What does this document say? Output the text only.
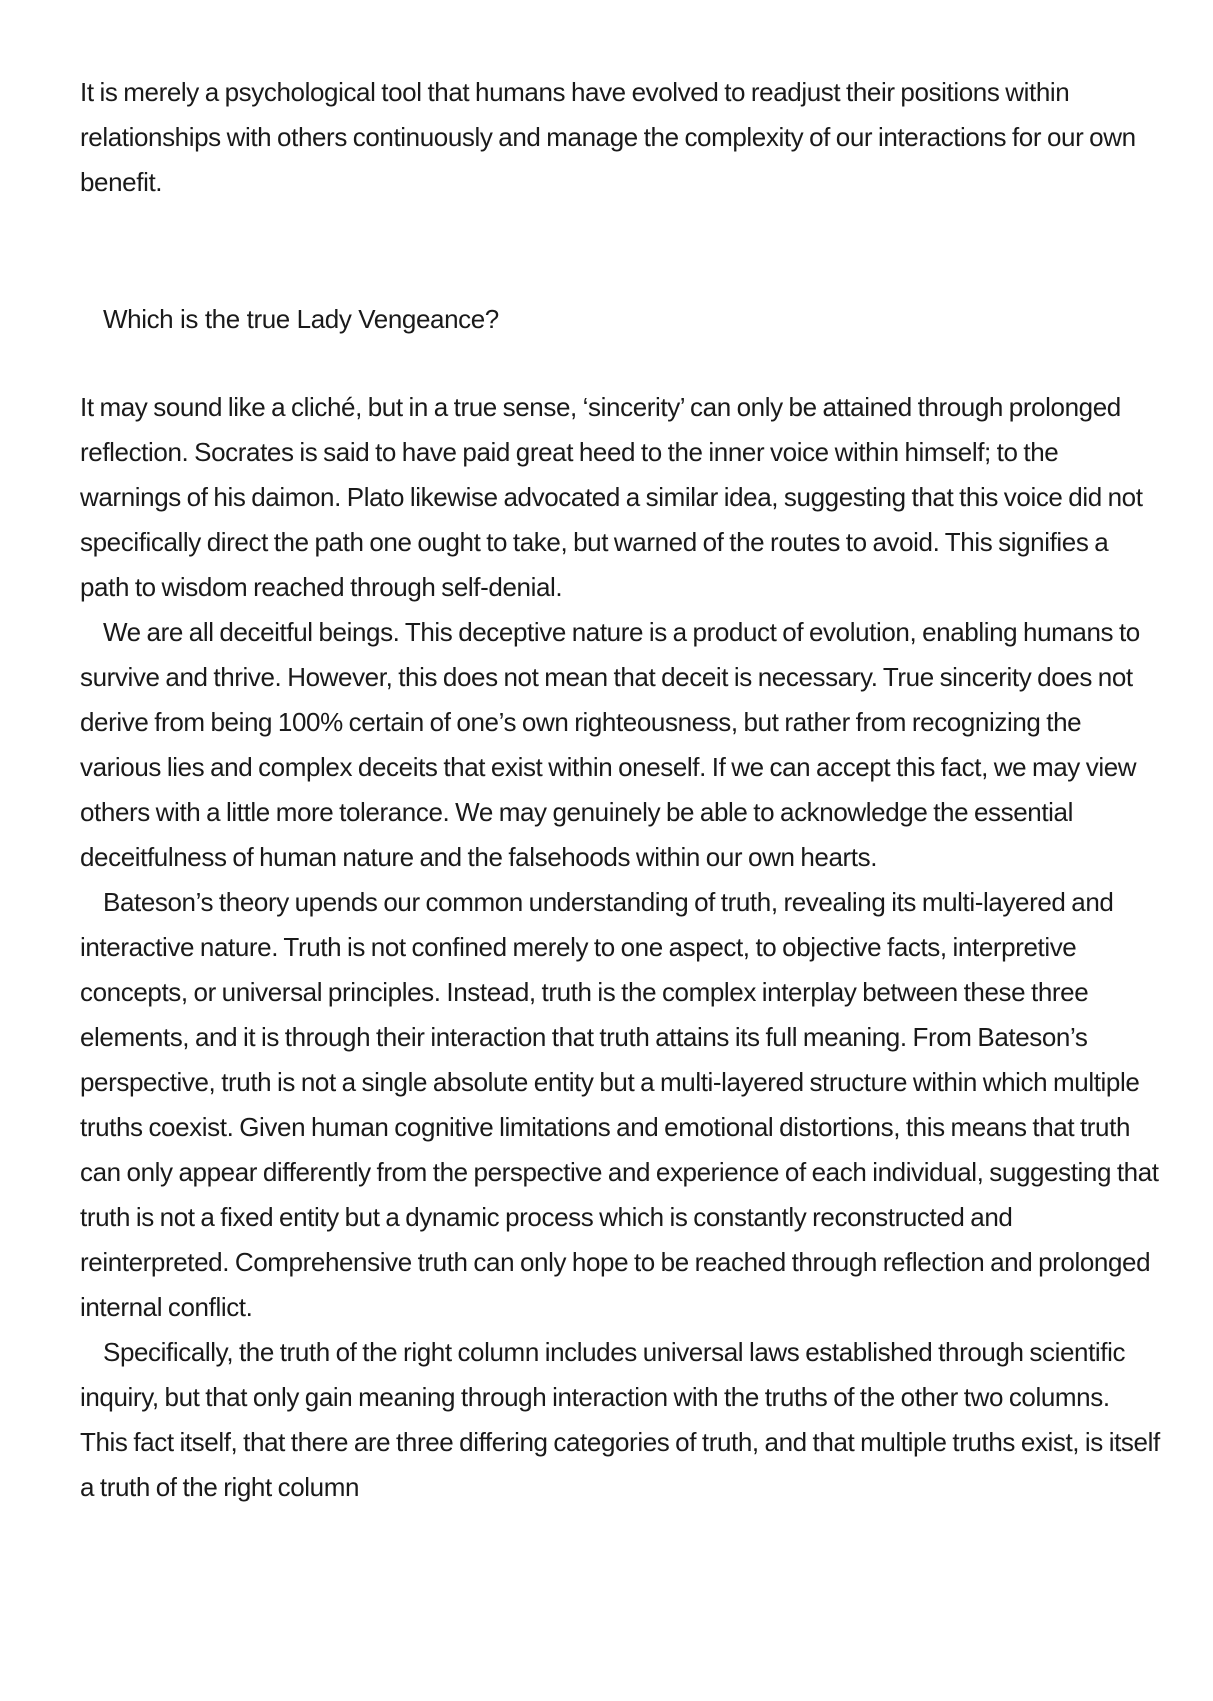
It is merely a psychological tool that humans have evolved to readjust their positions within relationships with others continuously and manage the complexity of our interactions for our own benefit.

Which is the true Lady Vengeance?

It may sound like a cliché, but in a true sense, ‘sincerity’ can only be attained through prolonged reflection. Socrates is said to have paid great heed to the inner voice within himself; to the warnings of his daimon. Plato likewise advocated a similar idea, suggesting that this voice did not specifically direct the path one ought to take, but warned of the routes to avoid. This signifies a path to wisdom reached through self-denial.

We are all deceitful beings. This deceptive nature is a product of evolution, enabling humans to survive and thrive. However, this does not mean that deceit is necessary. True sincerity does not derive from being 100% certain of one’s own righteousness, but rather from recognizing the various lies and complex deceits that exist within oneself. If we can accept this fact, we may view others with a little more tolerance. We may genuinely be able to acknowledge the essential deceitfulness of human nature and the falsehoods within our own hearts.

Bateson’s theory upends our common understanding of truth, revealing its multi-layered and interactive nature. Truth is not confined merely to one aspect, to objective facts, interpretive concepts, or universal principles. Instead, truth is the complex interplay between these three elements, and it is through their interaction that truth attains its full meaning. From Bateson’s perspective, truth is not a single absolute entity but a multi-layered structure within which multiple truths coexist. Given human cognitive limitations and emotional distortions, this means that truth can only appear differently from the perspective and experience of each individual, suggesting that truth is not a fixed entity but a dynamic process which is constantly reconstructed and reinterpreted. Comprehensive truth can only hope to be reached through reflection and prolonged internal conflict.

Specifically, the truth of the right column includes universal laws established through scientific inquiry, but that only gain meaning through interaction with the truths of the other two columns. This fact itself, that there are three differing categories of truth, and that multiple truths exist, is itself a truth of the right column
